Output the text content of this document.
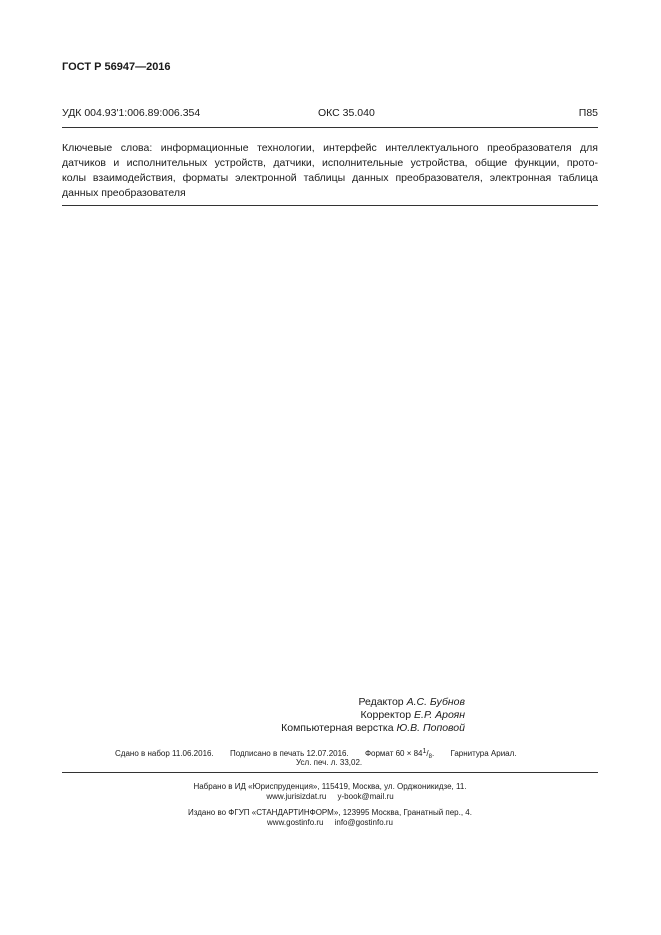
ГОСТ Р 56947—2016
УДК 004.93'1:006.89:006.354	ОКС 35.040	П85
Ключевые слова: информационные технологии, интерфейс интеллектуального преобразователя для
датчиков и исполнительных устройств, датчики, исполнительные устройства, общие функции, прото-
колы взаимодействия, форматы электронной таблицы данных преобразователя, электронная таблица
данных преобразователя
Редактор А.С. Бубнов
Корректор Е.Р. Ароян
Компьютерная верстка Ю.В. Поповой
Сдано в набор 11.06.2016. Подписано в печать 12.07.2016. Формат $60 \times 84^1/_8$. Гарнитура Ариал.
Усл. печ. л. 33,02.
Набрано в ИД «Юриспруденция», 115419, Москва, ул. Орджоникидзе, 11.
www.jurisizdat.ru y-book@mail.ru
Издано во ФГУП «СТАНДАРТИНФОРМ», 123995 Москва, Гранатный пер., 4.
www.gostinfo.ru info@gostinfo.ru
